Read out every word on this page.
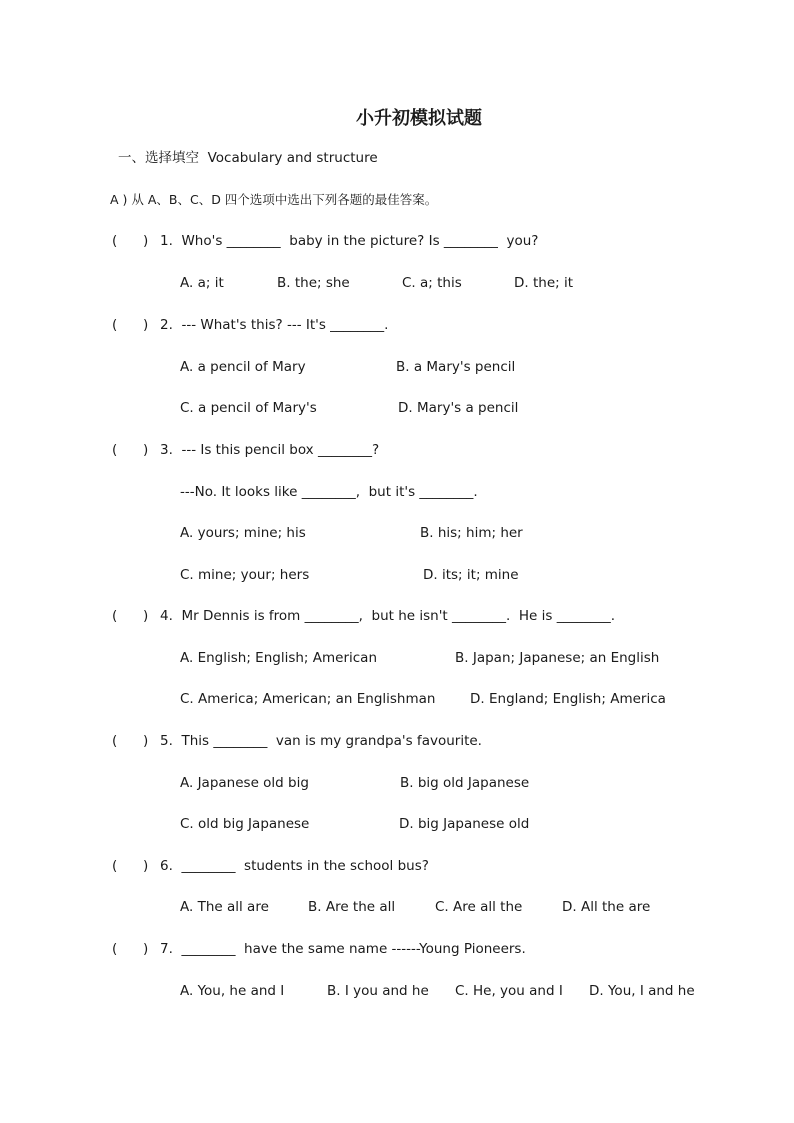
小升初模拟试题
一、选择填空  Vocabulary and structure
A ) 从 A、B、C、D 四个选项中选出下列各题的最佳答案。
(      ) 1.  Who's ________  baby in the picture? Is ________  you?
A. a; it	B. the; she	C. a; this	D. the; it
(      ) 2.  --- What's this? --- It's ________.
A. a pencil of Mary	B. a Mary's pencil
C. a pencil of Mary's	D. Mary's a pencil
(      ) 3.  --- Is this pencil box ________?
---No. It looks like ________,  but it's ________.
A. yours; mine; his	B. his; him; her
C. mine; your; hers	D. its; it; mine
(      ) 4.  Mr Dennis is from ________,  but he isn't ________.  He is ________.
A. English; English; American	B. Japan; Japanese; an English
C. America; American; an Englishman	D. England; English; America
(      ) 5.  This ________  van is my grandpa's favourite.
A. Japanese old big	B. big old Japanese
C. old big Japanese	D. big Japanese old
(      ) 6.  ________  students in the school bus?
A. The all are	B. Are the all	C. Are all the	D. All the are
(      ) 7.  ________  have the same name ------Young Pioneers.
A. You, he and I	B. I you and he C. He, you and I D. You, I and he
